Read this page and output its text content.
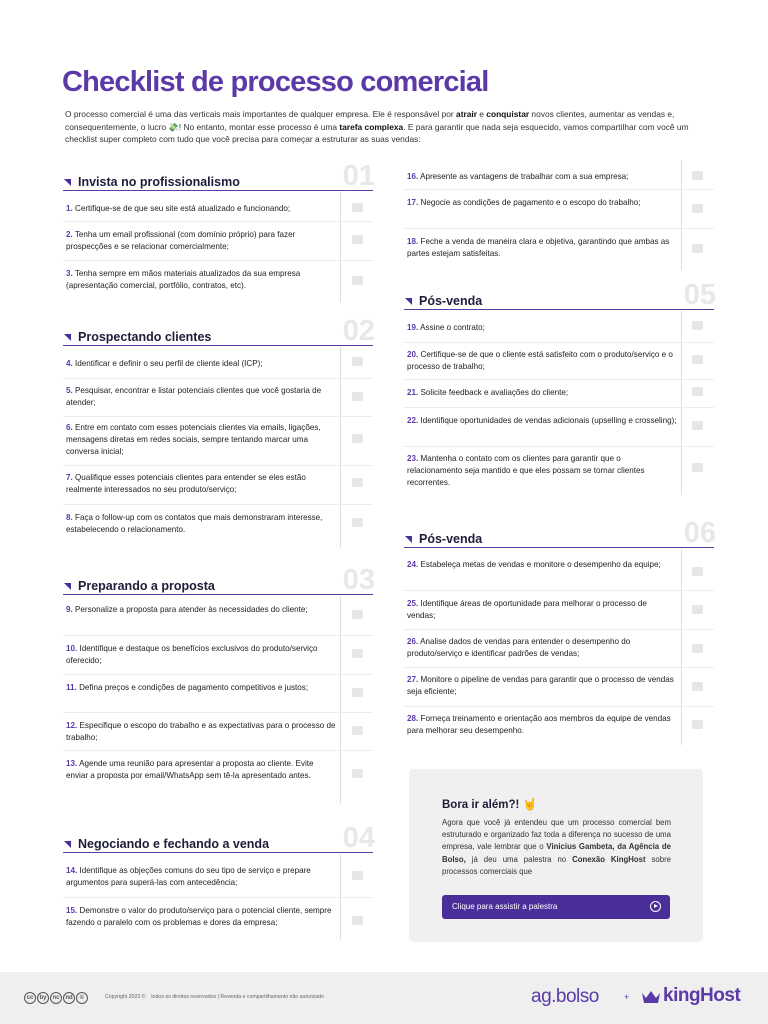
Checklist de processo comercial

O processo comercial é uma das verticais mais importantes de qualquer empresa. Ele é responsável por atrair e conquistar novos clientes, aumentar as vendas e, consequentemente, o lucro 💸! No entanto, montar esse processo é uma tarefa complexa. E para garantir que nada seja esquecido, vamos compartilhar com você um checklist super completo com tudo que você precisa para começar a estruturar as suas vendas:

Invista no profissionalismo	01
1. Certifique-se de que seu site está atualizado e funcionando;
2. Tenha um email profissional (com domínio próprio) para fazer prospecções e se relacionar comercialmente;
3. Tenha sempre em mãos materiais atualizados da sua empresa (apresentação comercial, portfólio, contratos, etc).
Prospectando clientes	02
4. Identificar e definir o seu perfil de cliente ideal (ICP);
5. Pesquisar, encontrar e listar potenciais clientes que você gostaria de atender;
6. Entre em contato com esses potenciais clientes via emails, ligações, mensagens diretas em redes sociais, sempre tentando marcar uma conversa inicial;
7. Qualifique esses potenciais clientes para entender se eles estão realmente interessados no seu produto/serviço;
8. Faça o follow-up com os contatos que mais demonstraram interesse, estabelecendo o relacionamento.
Preparando a proposta	03
9. Personalize a proposta para atender às necessidades do cliente;
10. Identifique e destaque os benefícios exclusivos do produto/serviço oferecido;
11. Defina preços e condições de pagamento competitivos e justos;
12. Especifique o escopo do trabalho e as expectativas para o processo de trabalho;
13. Agende uma reunião para apresentar a proposta ao cliente. Evite enviar a proposta por email/WhatsApp sem tê-la apresentado antes.
Negociando e fechando a venda	04
14. Identifique as objeções comuns do seu tipo de serviço e prepare argumentos para superá-las com antecedência;
15. Demonstre o valor do produto/serviço para o potencial cliente, sempre fazendo o paralelo com os problemas e dores da empresa;
16. Apresente as vantagens de trabalhar com a sua empresa;
17. Negocie as condições de pagamento e o escopo do trabalho;
18. Feche a venda de maneira clara e objetiva, garantindo que ambas as partes estejam satisfeitas.
Pós-venda	05
19. Assine o contrato;
20. Certifique-se de que o cliente está satisfeito com o produto/serviço e o processo de trabalho;
21. Solicite feedback e avaliações do cliente;
22. Identifique oportunidades de vendas adicionais (upselling e crosseling);
23. Mantenha o contato com os clientes para garantir que o relacionamento seja mantido e que eles possam se tornar clientes recorrentes.
Pós-venda	06
24. Estabeleça metas de vendas e monitore o desempenho da equipe;
25. Identifique áreas de oportunidade para melhorar o processo de vendas;
26. Analise dados de vendas para entender o desempenho do produto/serviço e identificar padrões de vendas;
27. Monitore o pipeline de vendas para garantir que o processo de vendas seja eficiente;
28. Forneça treinamento e orientação aos membros da equipe de vendas para melhorar seu desempenho.
Bora ir além?! 🤘

Agora que você já entendeu que um processo comercial bem estruturado e organizado faz toda a diferença no sucesso de uma empresa, vale lembrar que o Vinicius Gambeta, da Agência de Bolso, já deu uma palestra no Conexão KingHost sobre processos comerciais que

Clique para assistir a palestra
cc by nc nd ©	Copyright 2023 © todos os direitos reservados | Revenda e compartilhamento não autorizado	ag.bolso	+ kingHost
